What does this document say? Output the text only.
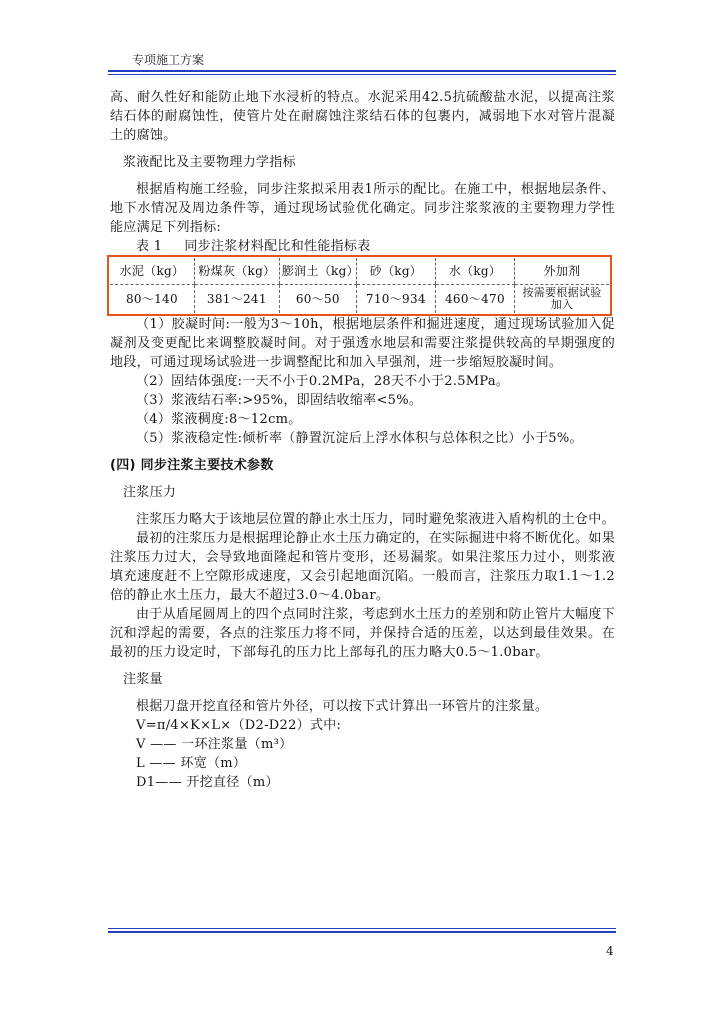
专项施工方案

高、耐久性好和能防止地下水浸析的特点。水泥采用42.5抗硫酸盐水泥，以提高注浆结石体的耐腐蚀性，使管片处在耐腐蚀注浆结石体的包裹内，减弱地下水对管片混凝土的腐蚀。

浆液配比及主要物理力学指标

根据盾构施工经验，同步注浆拟采用表1所示的配比。在施工中，根据地层条件、地下水情况及周边条件等，通过现场试验优化确定。同步注浆浆液的主要物理力学性能应满足下列指标:

表 1 同步注浆材料配比和性能指标表

水泥（kg）	粉煤灰（kg）	膨润土（kg）	砂（kg）	水（kg）	外加剂
80～140	381～241	60～50	710～934	460～470	按需要根据试验加入

（1）胶凝时间:一般为3～10h，根据地层条件和掘进速度，通过现场试验加入促凝剂及变更配比来调整胶凝时间。对于强透水地层和需要注浆提供较高的早期强度的地段，可通过现场试验进一步调整配比和加入早强剂，进一步缩短胶凝时间。

（2）固结体强度:一天不小于0.2MPa，28天不小于2.5MPa。

（3）浆液结石率:>95%，即固结收缩率<5%。

（4）浆液稠度:8～12cm。

（5）浆液稳定性:倾析率（静置沉淀后上浮水体积与总体积之比）小于5%。

(四) 同步注浆主要技术参数

注浆压力

注浆压力略大于该地层位置的静止水土压力，同时避免浆液进入盾构机的土仓中。

最初的注浆压力是根据理论静止水土压力确定的，在实际掘进中将不断优化。如果注浆压力过大，会导致地面隆起和管片变形，还易漏浆。如果注浆压力过小，则浆液填充速度赶不上空隙形成速度，又会引起地面沉陷。一般而言，注浆压力取1.1～1.2倍的静止水土压力，最大不超过3.0～4.0bar。

由于从盾尾圆周上的四个点同时注浆，考虑到水土压力的差别和防止管片大幅度下沉和浮起的需要，各点的注浆压力将不同，并保持合适的压差，以达到最佳效果。在最初的压力设定时，下部每孔的压力比上部每孔的压力略大0.5～1.0bar。

注浆量

根据刀盘开挖直径和管片外径，可以按下式计算出一环管片的注浆量。

V=π/4×K×L×（D2-D22）式中:

V —— 一环注浆量（m³）

L —— 环宽（m）

D1—— 开挖直径（m）

4
